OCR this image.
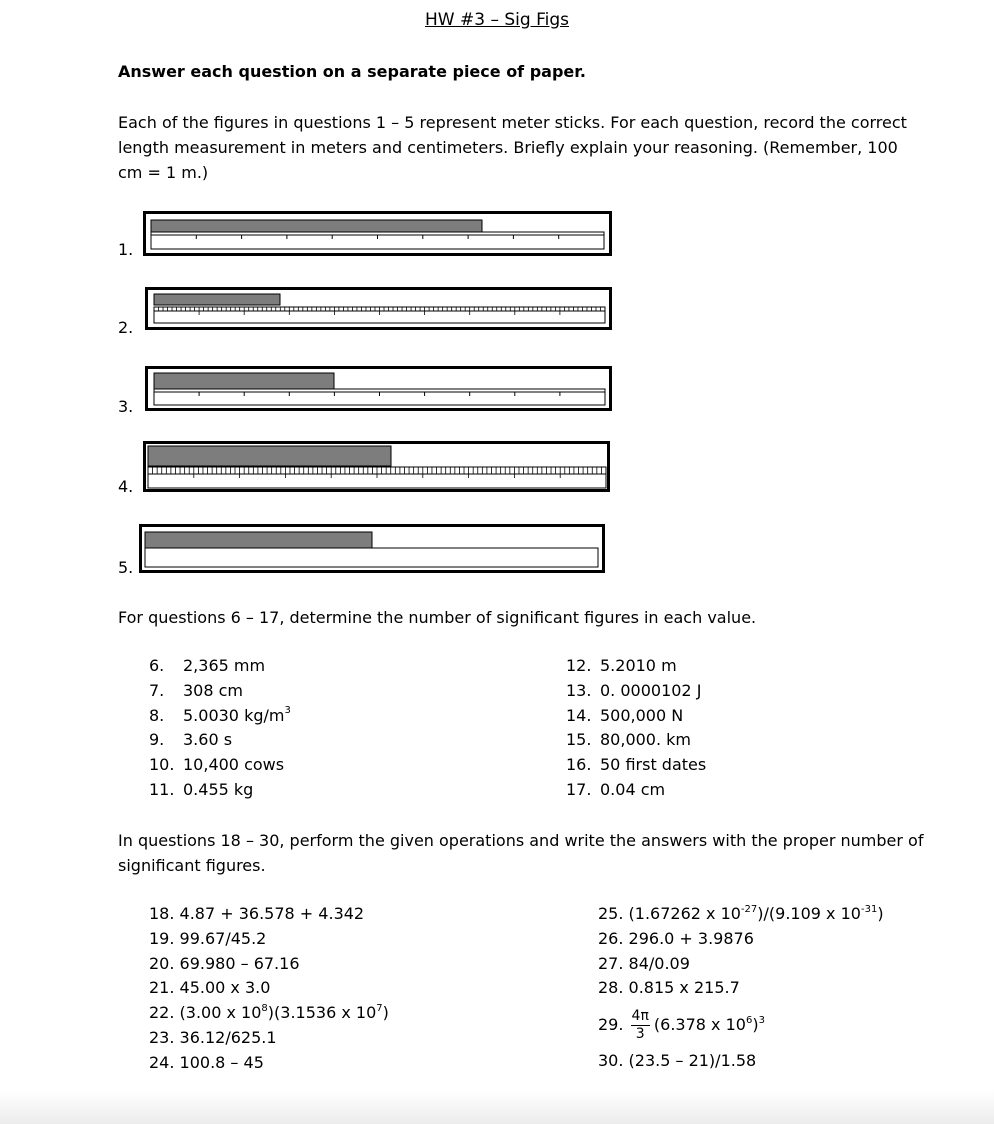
HW #3 – Sig Figs
Answer each question on a separate piece of paper.
Each of the figures in questions 1 – 5 represent meter sticks. For each question, record the correct length measurement in meters and centimeters. Briefly explain your reasoning. (Remember, 100 cm = 1 m.)
1.
2.
3.
4.
5.
For questions 6 – 17, determine the number of significant figures in each value.
6. 2,365 mm
7. 308 cm
8. 5.0030 $kg/m^3$
9. 3.60 s
10. 10,400 cows
11. 0.455 kg
12. 5.2010 m
13. 0. 0000102 J
14. 500,000 N
15. 80,000. km
16. 50 first dates
17. 0.04 cm
In questions 18 – 30, perform the given operations and write the answers with the proper number of significant figures.
18. 4.87 + 36.578 + 4.342
19. 99.67/45.2
20. 69.980 – 67.16
21. 45.00 x 3.0
22. (3.00 x $10^8)(3.1536$ x $10^7$)
23. 36.12/625.1
24. 100.8 – 45
25. (1.67262 x $10^{-27})/(9.109$ x $10^{-31}$)
26. 296.0 + 3.9876
27. 84/0.09
28. 0.815 x 215.7
29. $\frac{4\pi}{3} (6.378$ x $10^6)^3$
30. (23.5 – 21)/1.58
